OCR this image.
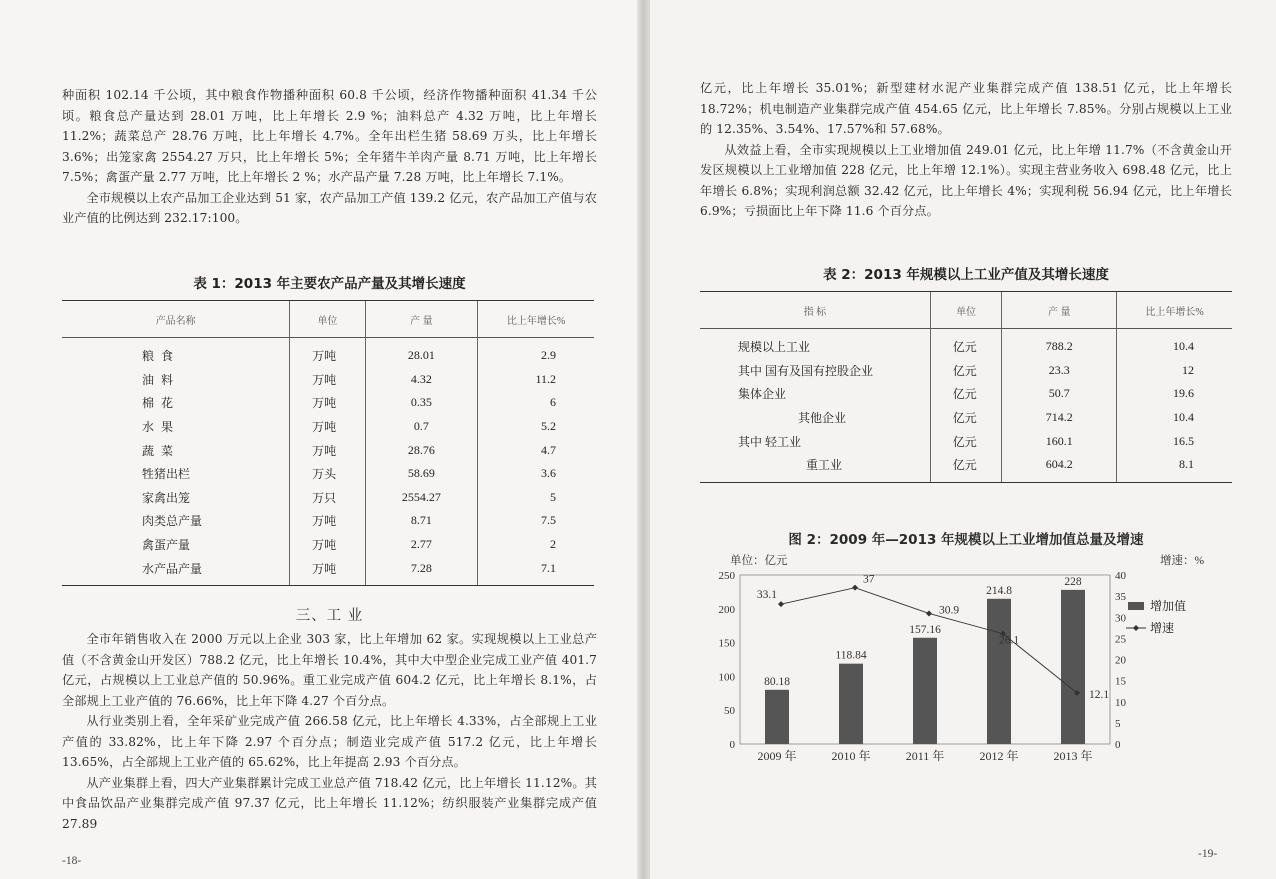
种面积 102.14 千公顷，其中粮食作物播种面积 60.8 千公顷，经济作物播种面积 41.34 千公顷。粮食总产量达到 28.01 万吨，比上年增长 2.9 %；油料总产 4.32 万吨，比上年增长 11.2%；蔬菜总产 28.76 万吨，比上年增长 4.7%。全年出栏生猪 58.69 万头，比上年增长 3.6%；出笼家禽 2554.27 万只，比上年增长 5%；全年猪牛羊肉产量 8.71 万吨，比上年增长 7.5%；禽蛋产量 2.77 万吨，比上年增长 2 %；水产品产量 7.28 万吨，比上年增长 7.1%。

全市规模以上农产品加工企业达到 51 家，农产品加工产值 139.2 亿元，农产品加工产值与农业产值的比例达到 232.17:100。

表 1：2013 年主要农产品产量及其增长速度
产品名称	单位	产 量	比上年增长%
粮 食	万吨	28.01	2.9
油 料	万吨	4.32	11.2
棉 花	万吨	0.35	6
水 果	万吨	0.7	5.2
蔬 菜	万吨	28.76	4.7
牲猪出栏	万头	58.69	3.6
家禽出笼	万只	2554.27	5
肉类总产量	万吨	8.71	7.5
禽蛋产量	万吨	2.77	2
水产品产量	万吨	7.28	7.1
三、工 业

全市年销售收入在 2000 万元以上企业 303 家，比上年增加 62 家。实现规模以上工业总产值（不含黄金山开发区）788.2 亿元，比上年增长 10.4%，其中大中型企业完成工业产值 401.7 亿元，占规模以上工业总产值的 50.96%。重工业完成产值 604.2 亿元，比上年增长 8.1%，占全部规上工业产值的 76.66%，比上年下降 4.27 个百分点。

从行业类别上看，全年采矿业完成产值 266.58 亿元，比上年增长 4.33%，占全部规上工业产值的 33.82%，比上年下降 2.97 个百分点；制造业完成产值 517.2 亿元，比上年增长 13.65%，占全部规上工业产值的 65.62%，比上年提高 2.93 个百分点。

从产业集群上看，四大产业集群累计完成工业总产值 718.42 亿元，比上年增长 11.12%。其中食品饮品产业集群完成产值 97.37 亿元，比上年增长 11.12%；纺织服装产业集群完成产值 27.89

-18-

亿元，比上年增长 35.01%；新型建材水泥产业集群完成产值 138.51 亿元，比上年增长 18.72%；机电制造产业集群完成产值 454.65 亿元，比上年增长 7.85%。分别占规模以上工业的 12.35%、3.54%、17.57%和 57.68%。

从效益上看，全市实现规模以上工业增加值 249.01 亿元，比上年增 11.7%（不含黄金山开发区规模以上工业增加值 228 亿元，比上年增 12.1%）。实现主营业务收入 698.48 亿元，比上年增长 6.8%；实现利润总额 32.42 亿元，比上年增长 4%；实现利税 56.94 亿元，比上年增长 6.9%；亏损面比上年下降 11.6 个百分点。

表 2：2013 年规模以上工业产值及其增长速度
指 标	单位	产 量	比上年增长%
规模以上工业	亿元	788.2	10.4
其中 国有及国有控股企业	亿元	23.3	12
集体企业	亿元	50.7	19.6
其他企业	亿元	714.2	10.4
其中 轻工业	亿元	160.1	16.5
重工业	亿元	604.2	8.1
图 2：2009 年—2013 年规模以上工业增加值总量及增速
单位：亿元	增速：%
0
50
100
150
200
250
0
5
10
15
20
25
30
35
40
80.18
118.84
157.16
214.8
228
2009 年	2010 年	2011 年	2012 年	2013 年
33.1
37
30.9
26.1
12.1
增加值
增速
-19-
